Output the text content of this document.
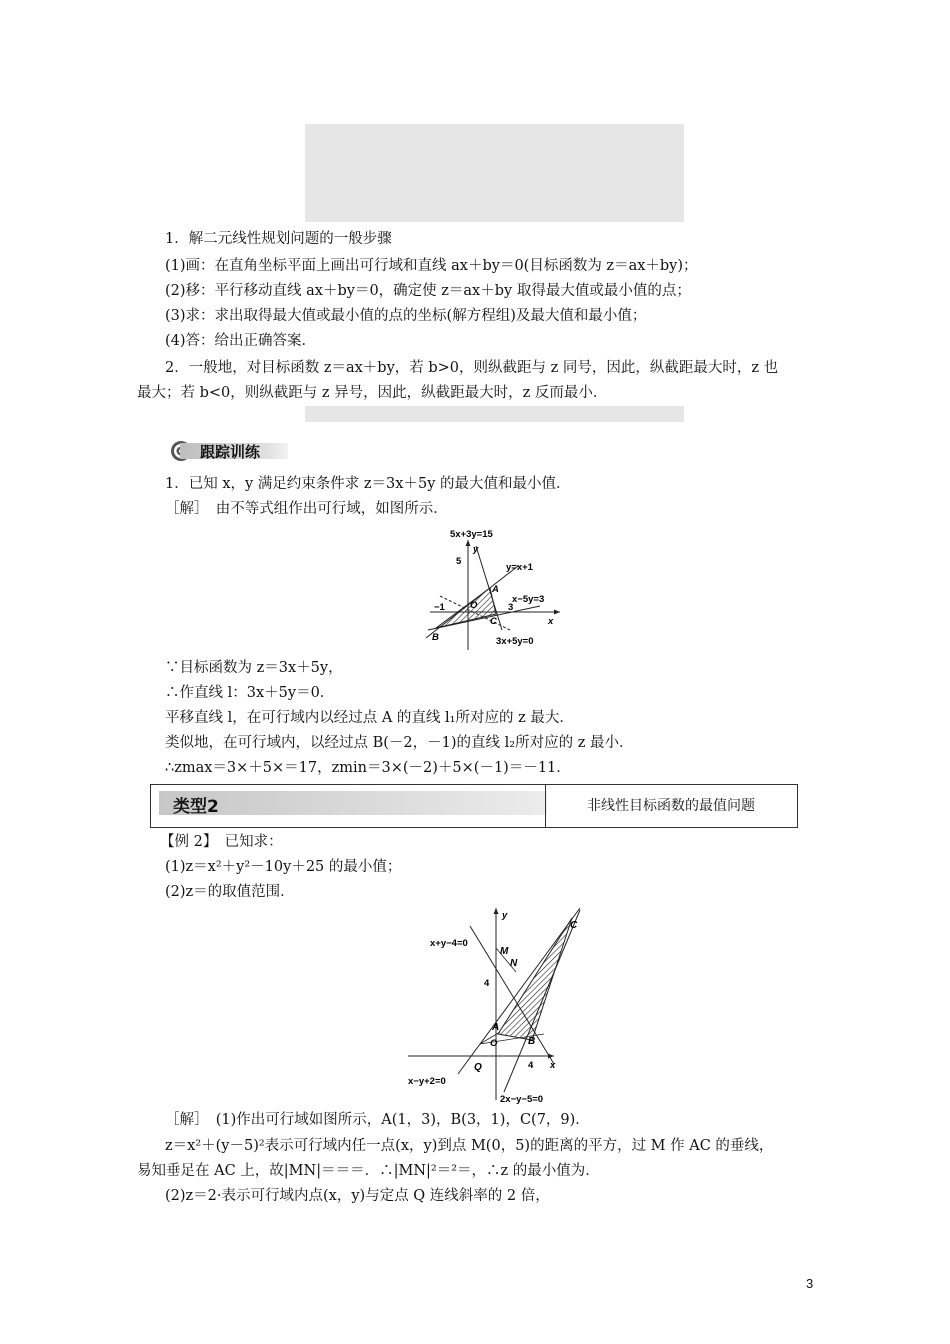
1．解二元线性规划问题的一般步骤
(1)画：在直角坐标平面上画出可行域和直线 ax＋by＝0(目标函数为 z＝ax＋by)；
(2)移：平行移动直线 ax＋by＝0，确定使 z＝ax＋by 取得最大值或最小值的点；
(3)求：求出取得最大值或最小值的点的坐标(解方程组)及最大值和最小值；
(4)答：给出正确答案．
2．一般地，对目标函数 z＝ax＋by，若 b>0，则纵截距与 z 同号，因此，纵截距最大时，z 也
最大；若 b<0，则纵截距与 z 异号，因此，纵截距最大时，z 反而最小．
跟踪训练
1．已知 x，y 满足约束条件求 z＝3x＋5y 的最大值和最小值．
［解］　由不等式组作出可行域，如图所示．
5x+3y=15
y
5
y=x+1
A
x−5y=3
−1	O	3
C	x
B	3x+5y=0
∵目标函数为 z＝3x＋5y，
∴作直线 l：3x＋5y＝0．
平移直线 l，在可行域内以经过点 A 的直线 l₁所对应的 z 最大．
类似地，在可行域内，以经过点 B(－2，－1)的直线 l₂所对应的 z 最小．
∴zmax＝3×＋5×＝17，zmin＝3×(－2)＋5×(－1)＝－11．
类型2	非线性目标函数的最值问题
【例 2】　已知求：
(1)z＝x²＋y²－10y＋25 的最小值；
(2)z＝的取值范围．
y
C
x+y−4=0
M
N
4
A
O	B
4 x
Q
x−y+2=0
2x−y−5=0
［解］　(1)作出可行域如图所示，A(1，3)，B(3，1)，C(7，9)．
z＝x²＋(y－5)²表示可行域内任一点(x，y)到点 M(0，5)的距离的平方，过 M 作 AC 的垂线，
易知垂足在 AC 上，故|MN|＝＝＝．∴|MN|²＝²＝，∴z 的最小值为．
(2)z＝2·表示可行域内点(x，y)与定点 Q 连线斜率的 2 倍，
3
